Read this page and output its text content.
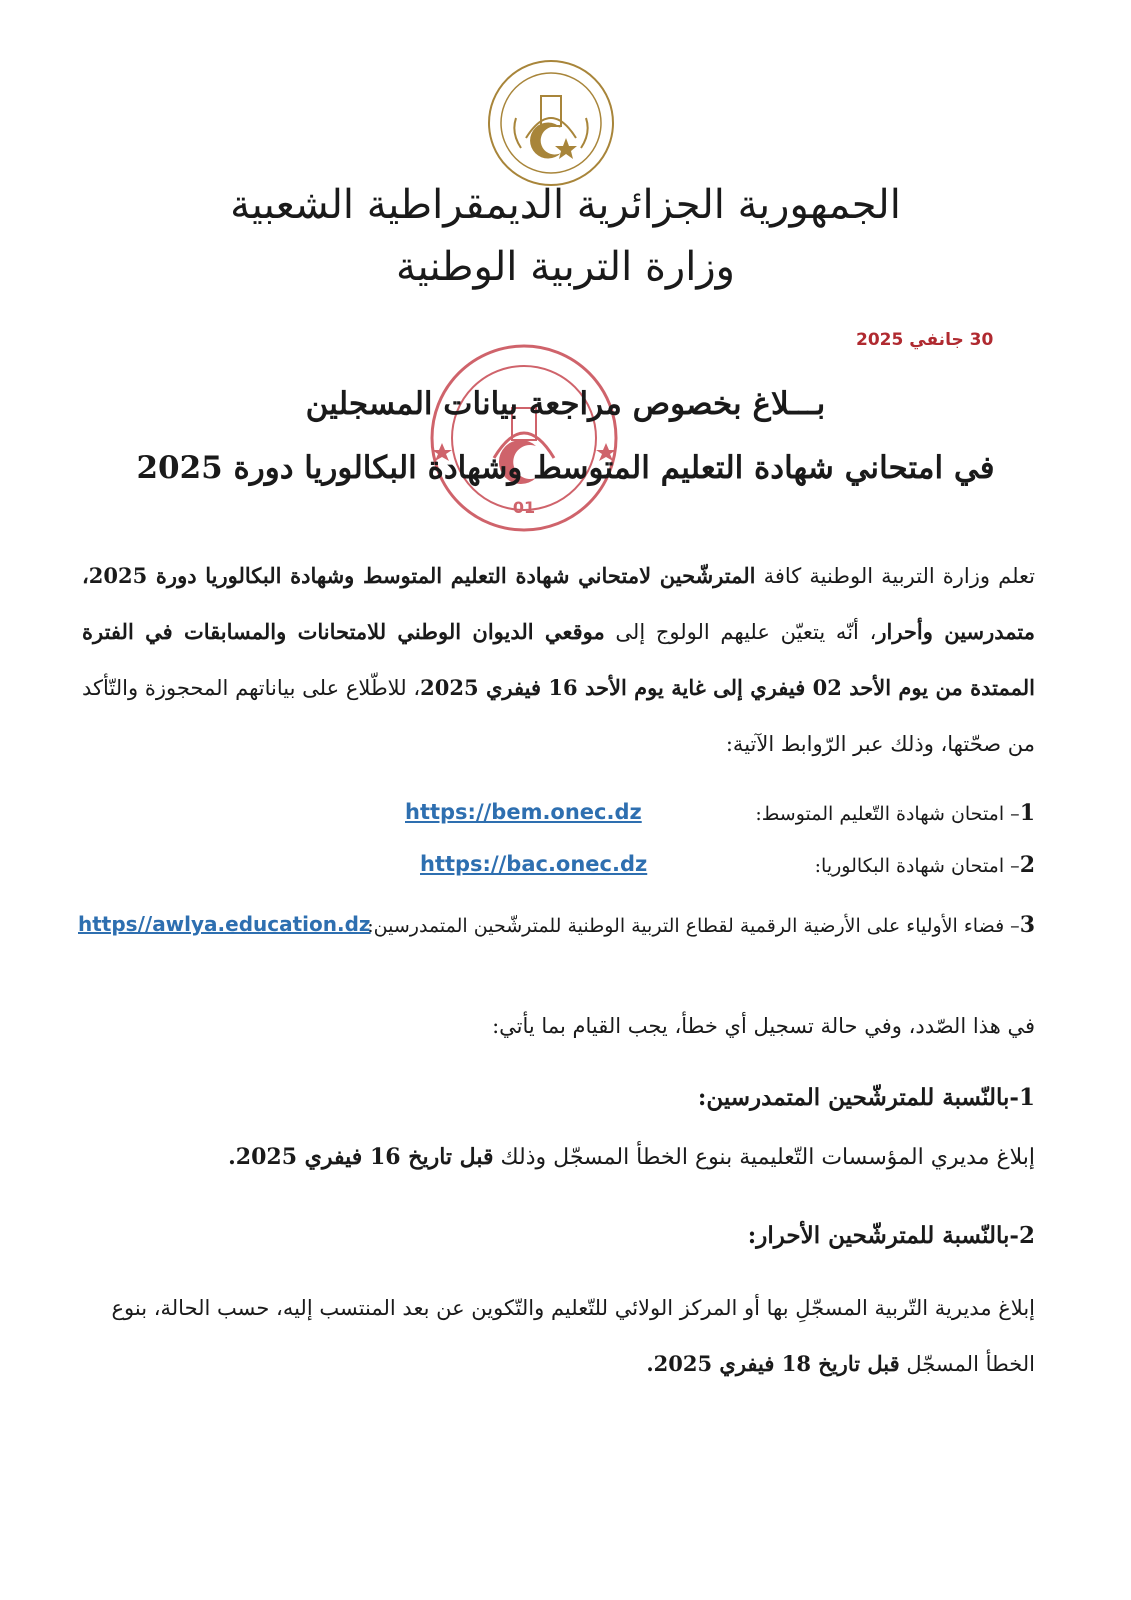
الجمهورية الجزائرية الديمقراطية الشعبية
وزارة التربية الوطنية
30 جانفي 2025
01
بـــلاغ بخصوص مراجعة بيانات المسجلين
في امتحاني شهادة التعليم المتوسط وشهادة البكالوريا دورة 2025
تعلم وزارة التربية الوطنية كافة المترشّحين لامتحاني شهادة التعليم المتوسط وشهادة البكالوريا دورة 2025، متمدرسين وأحرار، أنّه يتعيّن عليهم الولوج إلى موقعي الديوان الوطني للامتحانات والمسابقات في الفترة الممتدة من يوم الأحد 02 فيفري إلى غاية يوم الأحد 16 فيفري 2025، للاطّلاع على بياناتهم المحجوزة والتّأكد من صحّتها، وذلك عبر الرّوابط الآتية:
1– امتحان شهادة التّعليم المتوسط:
https://bem.onec.dz
2– امتحان شهادة البكالوريا:
https://bac.onec.dz
3– فضاء الأولياء على الأرضية الرقمية لقطاع التربية الوطنية للمترشّحين المتمدرسين:
https//awlya.education.dz
في هذا الصّدد، وفي حالة تسجيل أي خطأ، يجب القيام بما يأتي:
1-بالنّسبة للمترشّحين المتمدرسين:
إبلاغ مديري المؤسسات التّعليمية بنوع الخطأ المسجّل وذلك قبل تاريخ 16 فيفري 2025.
2-بالنّسبة للمترشّحين الأحرار:
إبلاغ مديرية التّربية المسجّلِ بها أو المركز الولائي للتّعليم والتّكوين عن بعد المنتسب إليه، حسب الحالة، بنوع الخطأ المسجّل قبل تاريخ 18 فيفري 2025.
